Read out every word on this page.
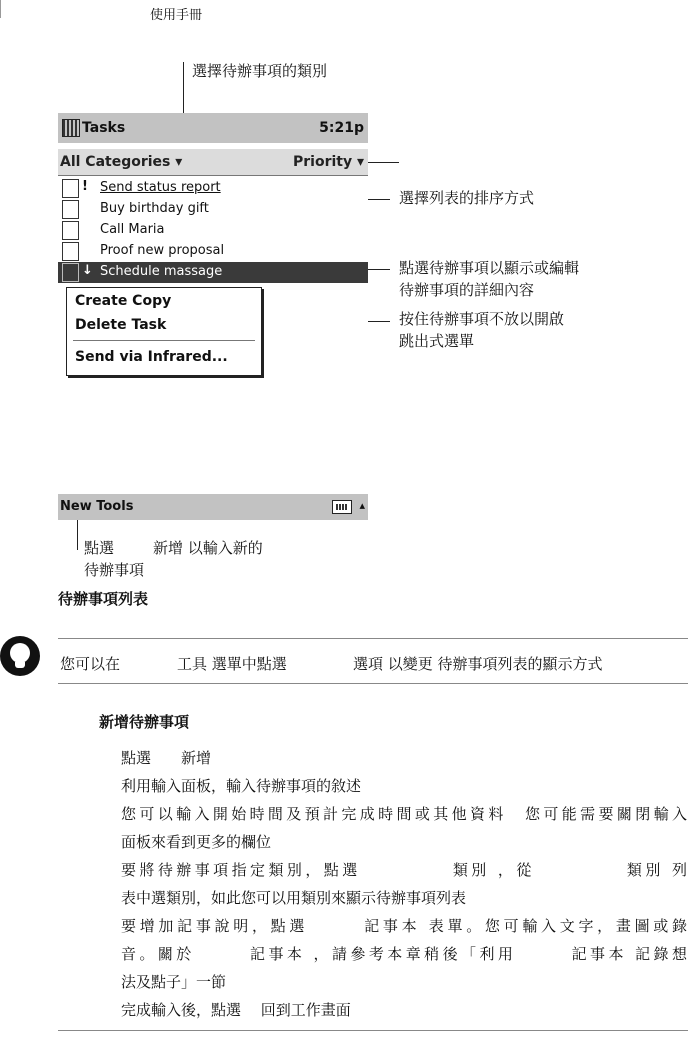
使用手冊
選擇待辦事項的類別
選擇列表的排序方式
點選待辦事項以顯示或編輯
待辦事項的詳細內容
按住待辦事項不放以開啟
跳出式選單
Tasks	5:21p
All Categories ▾	Priority ▾
! Send status report
Buy birthday gift
Call Maria
Proof new proposal
↓ Schedule massage
Create Copy
Delete Task
Send via Infrared...
New Tools	▴
點選	新增 以輸入新的
待辦事項
待辦事項列表
您可以在	工具 選單中點選	選項 以變更 待辦事項列表的顯示方式
新增待辦事項
點選　　新增
利用輸入面板，輸入待辦事項的敘述
您可以輸入開始時間及預計完成時間或其他資料　您可能需要關閉輸入
面板來看到更多的欄位
要將待辦事項指定類別，點選　　　　　類別 ，從　　　　　類別 列
表中選類別，如此您可以用類別來顯示待辦事項列表
要增加記事說明，點選　　　記事本 表單。您可輸入文字，畫圖或錄
音。關於　　　記事本 ，請參考本章稍後「利用　　　記事本 記錄想
法及點子」一節
完成輸入後，點選　 回到工作畫面
